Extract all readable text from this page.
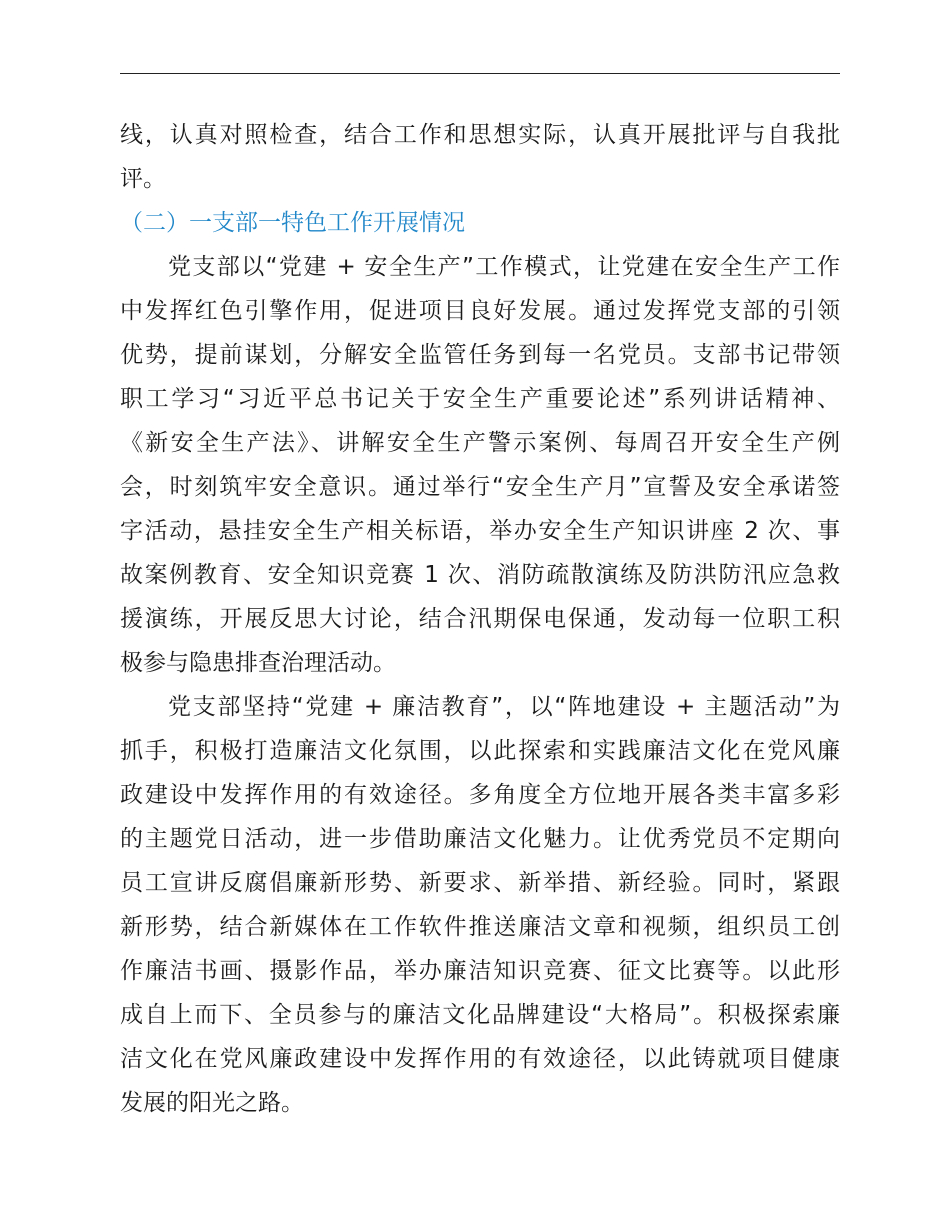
线，认真对照检查，结合工作和思想实际，认真开展批评与自我批
评。

（二）一支部一特色工作开展情况

党支部以“党建 + 安全生产”工作模式，让党建在安全生产工作
中发挥红色引擎作用，促进项目良好发展。通过发挥党支部的引领
优势，提前谋划，分解安全监管任务到每一名党员。支部书记带领
职工学习“习近平总书记关于安全生产重要论述”系列讲话精神、
《新安全生产法》、讲解安全生产警示案例、每周召开安全生产例
会，时刻筑牢安全意识。通过举行“安全生产月”宣誓及安全承诺签
字活动，悬挂安全生产相关标语，举办安全生产知识讲座 2 次、事
故案例教育、安全知识竞赛 1 次、消防疏散演练及防洪防汛应急救
援演练，开展反思大讨论，结合汛期保电保通，发动每一位职工积
极参与隐患排查治理活动。

党支部坚持“党建 + 廉洁教育”，以“阵地建设 + 主题活动”为
抓手，积极打造廉洁文化氛围，以此探索和实践廉洁文化在党风廉
政建设中发挥作用的有效途径。多角度全方位地开展各类丰富多彩
的主题党日活动，进一步借助廉洁文化魅力。让优秀党员不定期向
员工宣讲反腐倡廉新形势、新要求、新举措、新经验。同时，紧跟
新形势，结合新媒体在工作软件推送廉洁文章和视频，组织员工创
作廉洁书画、摄影作品，举办廉洁知识竞赛、征文比赛等。以此形
成自上而下、全员参与的廉洁文化品牌建设“大格局”。积极探索廉
洁文化在党风廉政建设中发挥作用的有效途径，以此铸就项目健康
发展的阳光之路。
